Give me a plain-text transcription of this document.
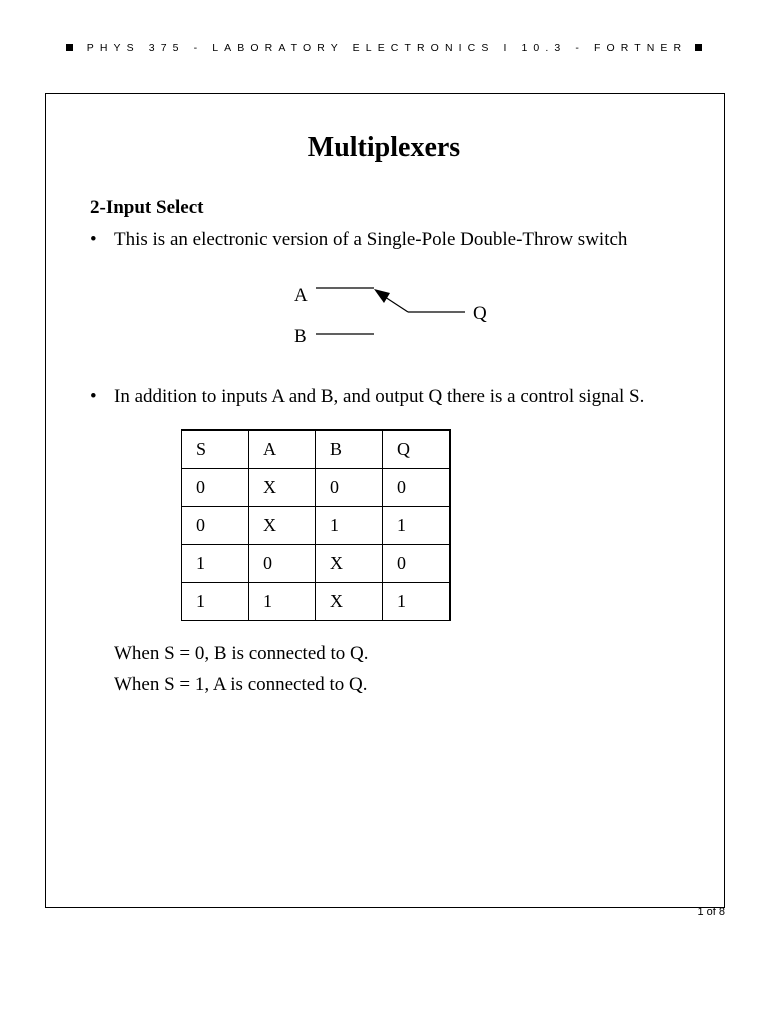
PHYS 375 - LABORATORY ELECTRONICS I 10.3 - FORTNER
Multiplexers
2-Input Select
• This is an electronic version of a Single-Pole Double-Throw switch
A
B
Q
• In addition to inputs A and B, and output Q there is a control signal S.
S	A	B	Q
0	X	0	0
0	X	1	1
1	0	X	0
1	1	X	1
When S = 0, B is connected to Q.
When S = 1, A is connected to Q.
1 of 8
